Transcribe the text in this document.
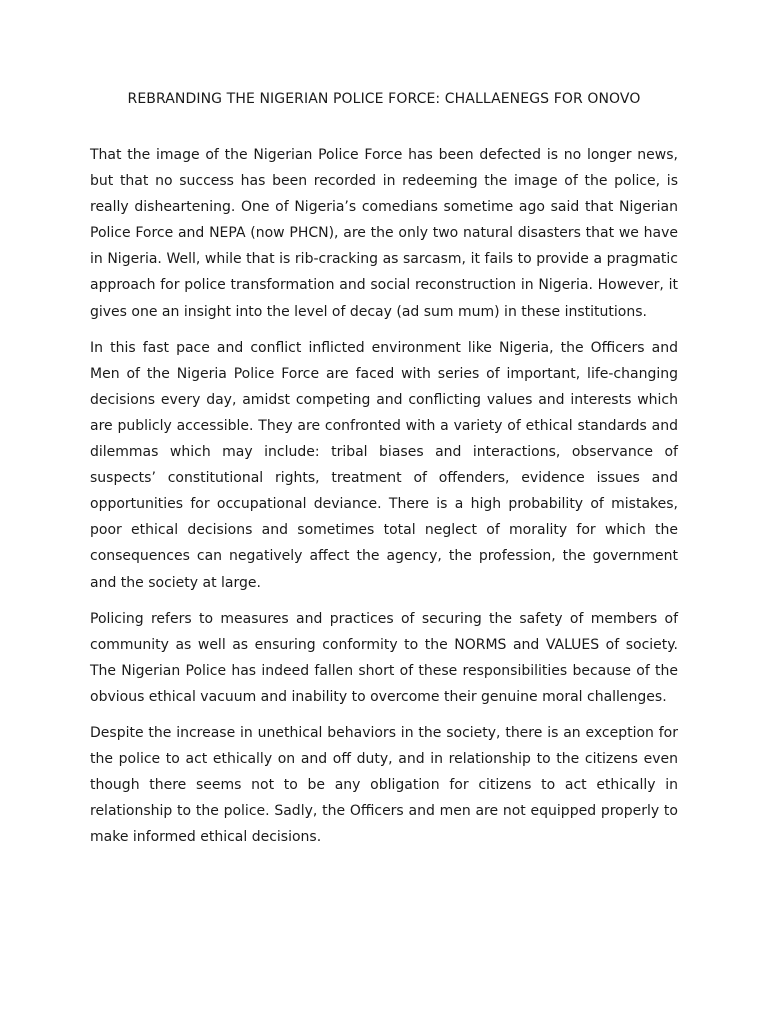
REBRANDING THE NIGERIAN POLICE FORCE: CHALLAENEGS FOR ONOVO

That the image of the Nigerian Police Force has been defected is no longer news, but that no success has been recorded in redeeming the image of the police, is really disheartening. One of Nigeria’s comedians sometime ago said that Nigerian Police Force and NEPA (now PHCN), are the only two natural disasters that we have in Nigeria. Well, while that is rib-cracking as sarcasm, it fails to provide a pragmatic approach for police transformation and social reconstruction in Nigeria. However, it gives one an insight into the level of decay (ad sum mum) in these institutions.

In this fast pace and conflict inflicted environment like Nigeria, the Officers and Men of the Nigeria Police Force are faced with series of important, life-changing decisions every day, amidst competing and conflicting values and interests which are publicly accessible. They are confronted with a variety of ethical standards and dilemmas which may include: tribal biases and interactions, observance of suspects’ constitutional rights, treatment of offenders, evidence issues and opportunities for occupational deviance. There is a high probability of mistakes, poor ethical decisions and sometimes total neglect of morality for which the consequences can negatively affect the agency, the profession, the government and the society at large.

Policing refers to measures and practices of securing the safety of members of community as well as ensuring conformity to the NORMS and VALUES of society. The Nigerian Police has indeed fallen short of these responsibilities because of the obvious ethical vacuum and inability to overcome their genuine moral challenges.

Despite the increase in unethical behaviors in the society, there is an exception for the police to act ethically on and off duty, and in relationship to the citizens even though there seems not to be any obligation for citizens to act ethically in relationship to the police. Sadly, the Officers and men are not equipped properly to make informed ethical decisions.
